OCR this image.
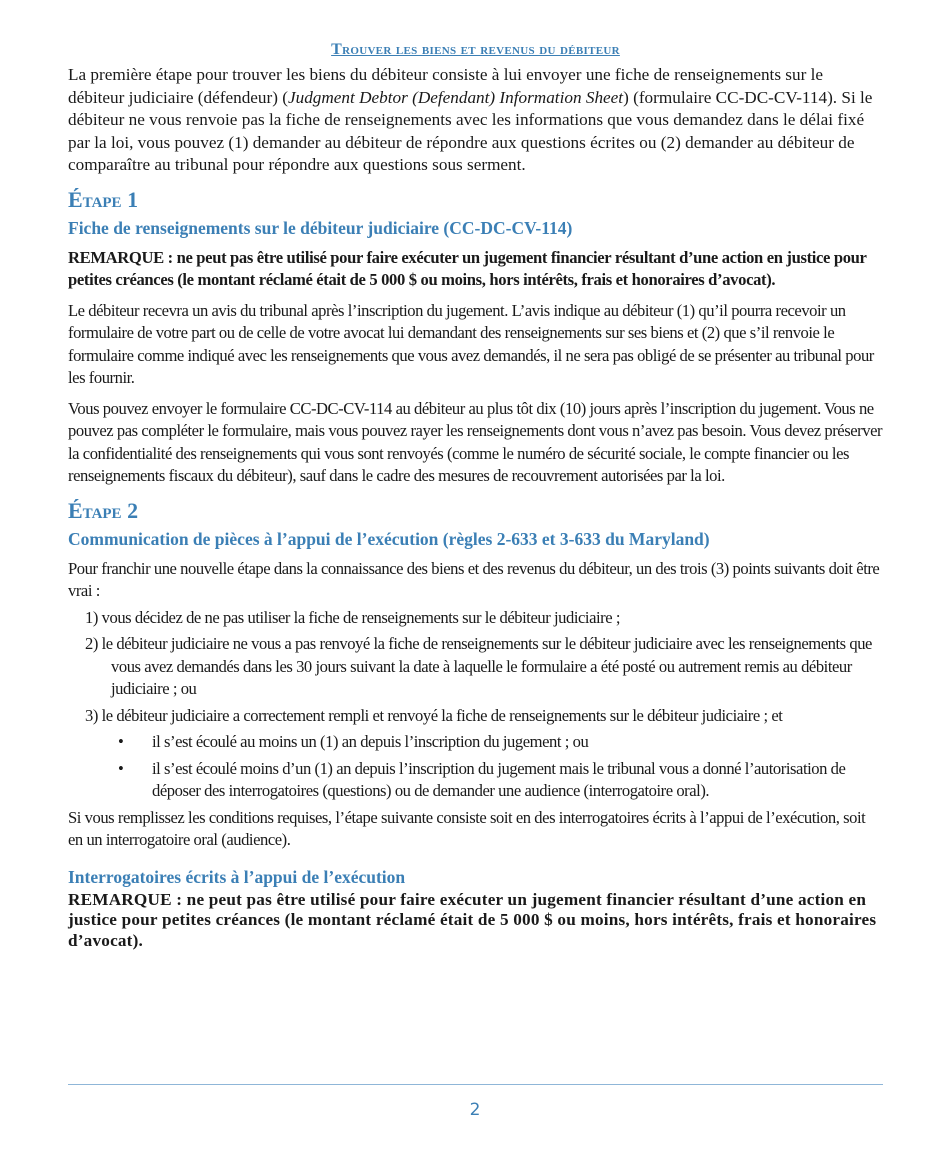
Trouver les biens et revenus du débiteur

La première étape pour trouver les biens du débiteur consiste à lui envoyer une fiche de renseignements sur le débiteur judiciaire (défendeur) (Judgment Debtor (Defendant) Information Sheet) (formulaire CC-DC-CV-114). Si le débiteur ne vous renvoie pas la fiche de renseignements avec les informations que vous demandez dans le délai fixé par la loi, vous pouvez (1) demander au débiteur de répondre aux questions écrites ou (2) demander au débiteur de comparaître au tribunal pour répondre aux questions sous serment.

Étape 1
Fiche de renseignements sur le débiteur judiciaire (CC-DC-CV-114)

REMARQUE : ne peut pas être utilisé pour faire exécuter un jugement financier résultant d’une action en justice pour petites créances (le montant réclamé était de 5 000 $ ou moins, hors intérêts, frais et honoraires d’avocat).

Le débiteur recevra un avis du tribunal après l’inscription du jugement. L’avis indique au débiteur (1) qu’il pourra recevoir un formulaire de votre part ou de celle de votre avocat lui demandant des renseignements sur ses biens et (2) que s’il renvoie le formulaire comme indiqué avec les renseignements que vous avez demandés, il ne sera pas obligé de se présenter au tribunal pour les fournir.

Vous pouvez envoyer le formulaire CC-DC-CV-114 au débiteur au plus tôt dix (10) jours après l’inscription du jugement. Vous ne pouvez pas compléter le formulaire, mais vous pouvez rayer les renseignements dont vous n’avez pas besoin. Vous devez préserver la confidentialité des renseignements qui vous sont renvoyés (comme le numéro de sécurité sociale, le compte financier ou les renseignements fiscaux du débiteur), sauf dans le cadre des mesures de recouvrement autorisées par la loi.

Étape 2
Communication de pièces à l’appui de l’exécution (règles 2-633 et 3-633 du Maryland)

Pour franchir une nouvelle étape dans la connaissance des biens et des revenus du débiteur, un des trois (3) points suivants doit être vrai :

1) vous décidez de ne pas utiliser la fiche de renseignements sur le débiteur judiciaire ;

2) le débiteur judiciaire ne vous a pas renvoyé la fiche de renseignements sur le débiteur judiciaire avec les renseignements que vous avez demandés dans les 30 jours suivant la date à laquelle le formulaire a été posté ou autrement remis au débiteur judiciaire ; ou

3) le débiteur judiciaire a correctement rempli et renvoyé la fiche de renseignements sur le débiteur judiciaire ; et

• il s’est écoulé au moins un (1) an depuis l’inscription du jugement ; ou

• il s’est écoulé moins d’un (1) an depuis l’inscription du jugement mais le tribunal vous a donné l’autorisation de déposer des interrogatoires (questions) ou de demander une audience (interrogatoire oral).

Si vous remplissez les conditions requises, l’étape suivante consiste soit en des interrogatoires écrits à l’appui de l’exécution, soit en un interrogatoire oral (audience).

Interrogatoires écrits à l’appui de l’exécution

REMARQUE : ne peut pas être utilisé pour faire exécuter un jugement financier résultant d’une action en justice pour petites créances (le montant réclamé était de 5 000 $ ou moins, hors intérêts, frais et honoraires d’avocat).

2
